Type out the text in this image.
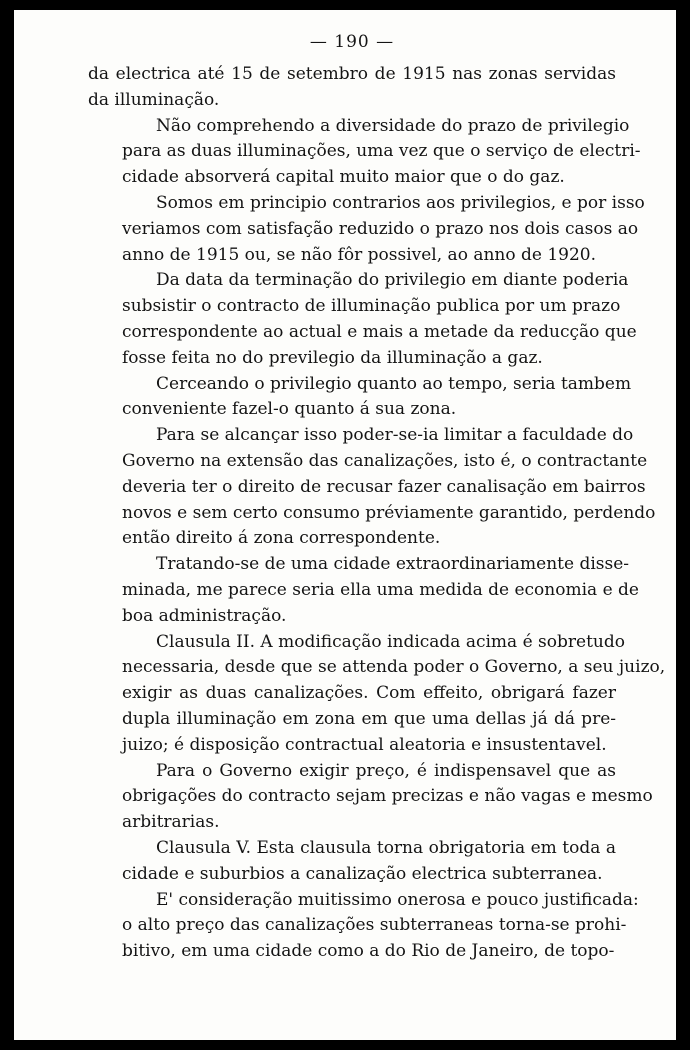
— 190 —
da electrica até 15 de setembro de 1915 nas zonas servidas
da illuminação.
Não comprehendo a diversidade do prazo de privilegio
para as duas illuminações, uma vez que o serviço de electri-
cidade absorverá capital muito maior que o do gaz.
Somos em principio contrarios aos privilegios, e por isso
veriamos com satisfação reduzido o prazo nos dois casos ao
anno de 1915 ou, se não fôr possivel, ao anno de 1920.
Da data da terminação do privilegio em diante poderia
subsistir o contracto de illuminação publica por um prazo
correspondente ao actual e mais a metade da reducção que
fosse feita no do previlegio da illuminação a gaz.
Cerceando o privilegio quanto ao tempo, seria tambem
conveniente fazel-o quanto á sua zona.
Para se alcançar isso poder-se-ia limitar a faculdade do
Governo na extensão das canalizações, isto é, o contractante
deveria ter o direito de recusar fazer canalisação em bairros
novos e sem certo consumo préviamente garantido, perdendo
então direito á zona correspondente.
Tratando-se de uma cidade extraordinariamente disse-
minada, me parece seria ella uma medida de economia e de
boa administração.
Clausula II. A modificação indicada acima é sobretudo
necessaria, desde que se attenda poder o Governo, a seu juizo,
exigir as duas canalizações. Com effeito, obrigará fazer
dupla illuminação em zona em que uma dellas já dá pre-
juizo; é disposição contractual aleatoria e insustentavel.
Para o Governo exigir preço, é indispensavel que as
obrigações do contracto sejam precizas e não vagas e mesmo
arbitrarias.
Clausula V. Esta clausula torna obrigatoria em toda a
cidade e suburbios a canalização electrica subterranea.
E' consideração muitissimo onerosa e pouco justificada:
o alto preço das canalizações subterraneas torna-se prohi-
bitivo, em uma cidade como a do Rio de Janeiro, de topo-
